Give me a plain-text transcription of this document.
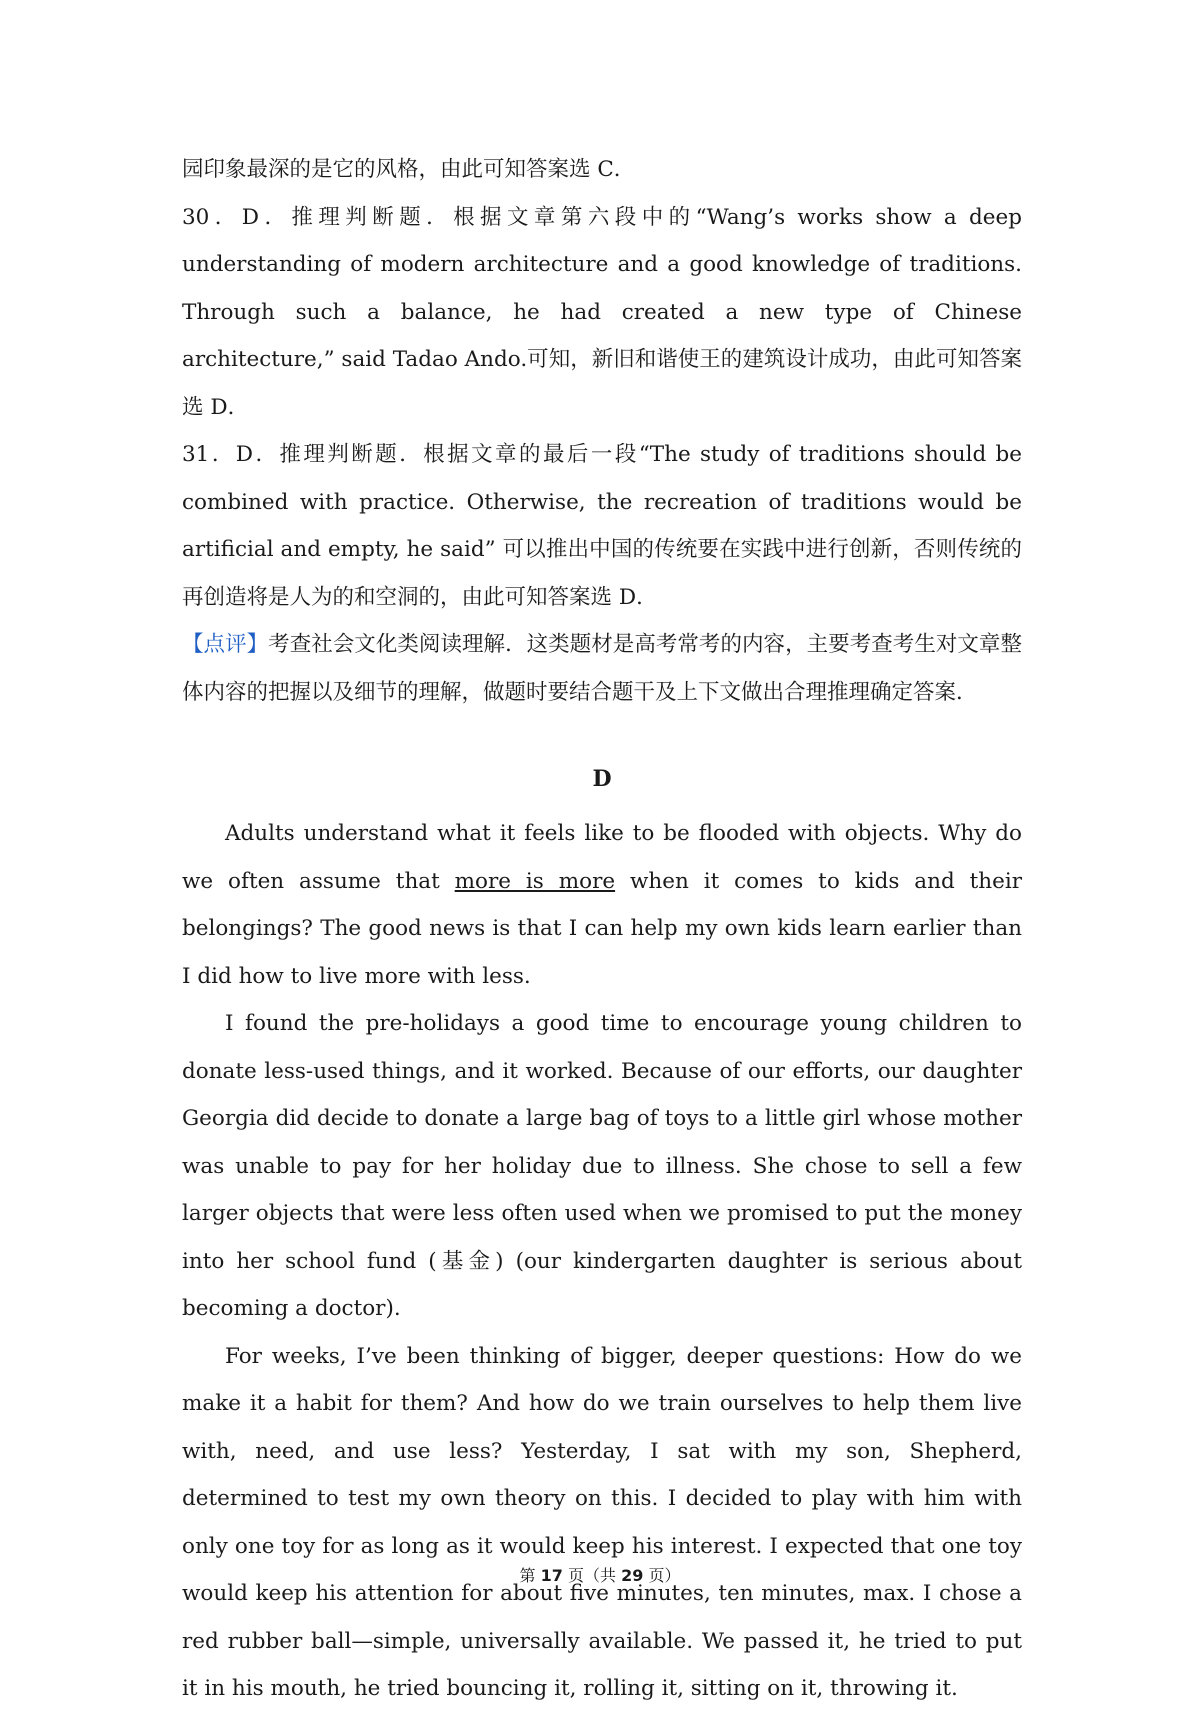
园印象最深的是它的风格，由此可知答案选 C．

30．D．推理判断题．根据文章第六段中的“Wang’s works show a deep understanding of modern architecture and a good knowledge of traditions. Through such a balance, he had created a new type of Chinese architecture,” said Tadao Ando.可知，新旧和谐使王的建筑设计成功，由此可知答案选 D．

31．D．推理判断题．根据文章的最后一段“The study of traditions should be combined with practice. Otherwise, the recreation of traditions would be artificial and empty, he said” 可以推出中国的传统要在实践中进行创新，否则传统的再创造将是人为的和空洞的，由此可知答案选 D．

【点评】考查社会文化类阅读理解．这类题材是高考常考的内容，主要考查考生对文章整体内容的把握以及细节的理解，做题时要结合题干及上下文做出合理推理确定答案．

D

Adults understand what it feels like to be flooded with objects. Why do we often assume that more is more when it comes to kids and their belongings? The good news is that I can help my own kids learn earlier than I did how to live more with less.

I found the pre-holidays a good time to encourage young children to donate less-used things, and it worked. Because of our efforts, our daughter Georgia did decide to donate a large bag of toys to a little girl whose mother was unable to pay for her holiday due to illness. She chose to sell a few larger objects that were less often used when we promised to put the money into her school fund (基金) (our kindergarten daughter is serious about becoming a doctor).

For weeks, I’ve been thinking of bigger, deeper questions: How do we make it a habit for them? And how do we train ourselves to help them live with, need, and use less? Yesterday, I sat with my son, Shepherd, determined to test my own theory on this. I decided to play with him with only one toy for as long as it would keep his interest. I expected that one toy would keep his attention for about five minutes, ten minutes, max. I chose a red rubber ball—simple, universally available. We passed it, he tried to put it in his mouth, he tried bouncing it, rolling it, sitting on it, throwing it.

第 17 页（共 29 页）
